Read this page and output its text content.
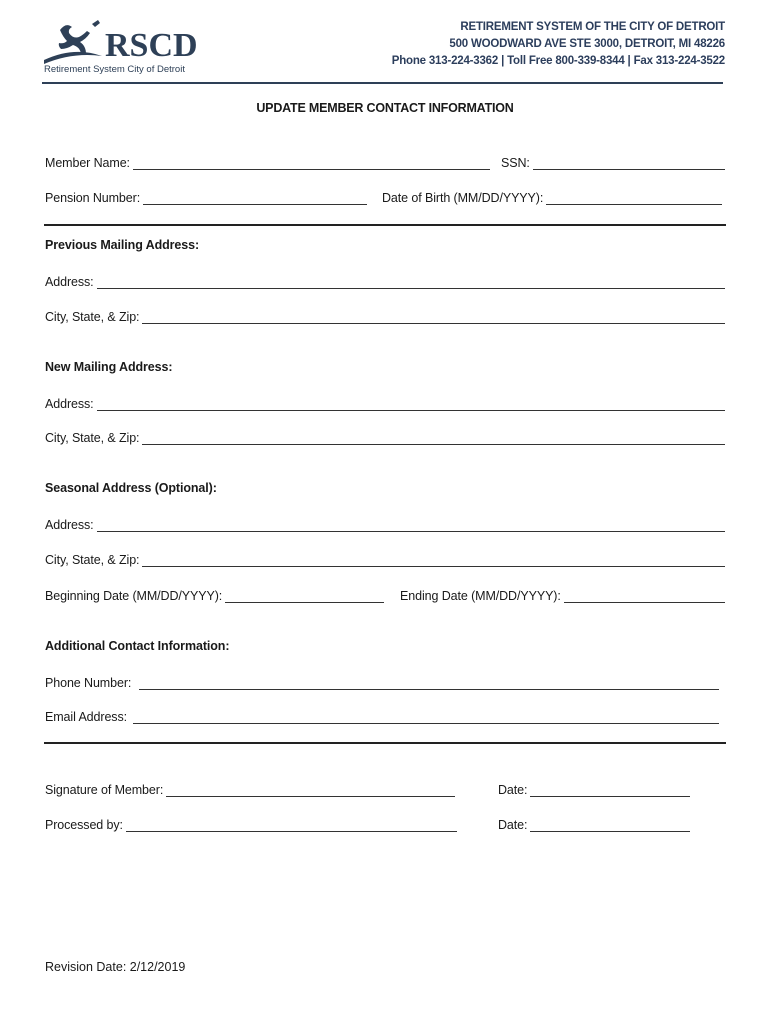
RSCD
Retirement System City of Detroit
RETIREMENT SYSTEM OF THE CITY OF DETROIT
500 WOODWARD AVE STE 3000, DETROIT, MI 48226
Phone 313-224-3362 | Toll Free 800-339-8344 | Fax 313-224-3522
UPDATE MEMBER CONTACT INFORMATION
Member Name:	SSN:
Pension Number:	Date of Birth (MM/DD/YYYY):
Previous Mailing Address:
Address:
City, State, & Zip:
New Mailing Address:
Address:
City, State, & Zip:
Seasonal Address (Optional):
Address:
City, State, & Zip:
Beginning Date (MM/DD/YYYY):	Ending Date (MM/DD/YYYY):
Additional Contact Information:
Phone Number:
Email Address:
Signature of Member:	Date:
Processed by:	Date:
Revision Date: 2/12/2019
